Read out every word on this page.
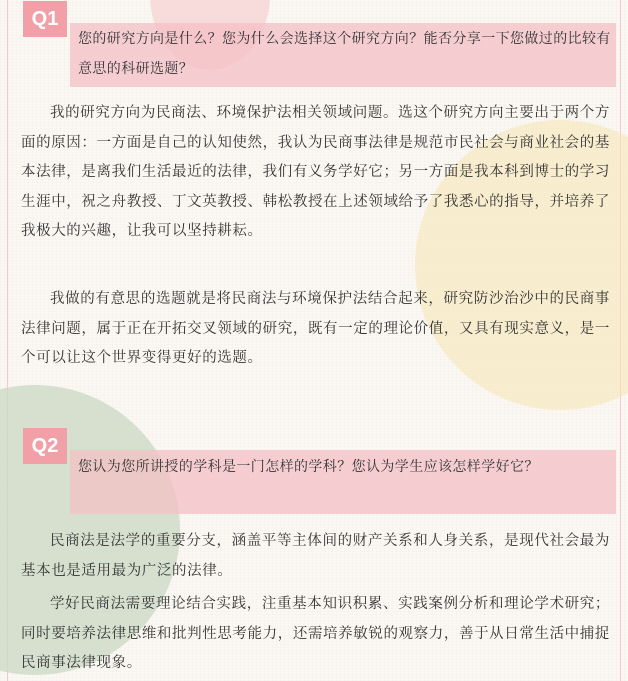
Q1

您的研究方向是什么？您为什么会选择这个研究方向？能否分享一下您做过的比较有意思的科研选题？

我的研究方向为民商法、环境保护法相关领域问题。选这个研究方向主要出于两个方面的原因：一方面是自己的认知使然，我认为民商事法律是规范市民社会与商业社会的基本法律，是离我们生活最近的法律，我们有义务学好它；另一方面是我本科到博士的学习生涯中，祝之舟教授、丁文英教授、韩松教授在上述领域给予了我悉心的指导，并培养了我极大的兴趣，让我可以坚持耕耘。

我做的有意思的选题就是将民商法与环境保护法结合起来，研究防沙治沙中的民商事法律问题，属于正在开拓交叉领域的研究，既有一定的理论价值，又具有现实意义，是一个可以让这个世界变得更好的选题。

Q2

您认为您所讲授的学科是一门怎样的学科？您认为学生应该怎样学好它？

民商法是法学的重要分支，涵盖平等主体间的财产关系和人身关系，是现代社会最为基本也是适用最为广泛的法律。

学好民商法需要理论结合实践，注重基本知识积累、实践案例分析和理论学术研究；同时要培养法律思维和批判性思考能力，还需培养敏锐的观察力，善于从日常生活中捕捉民商事法律现象。
